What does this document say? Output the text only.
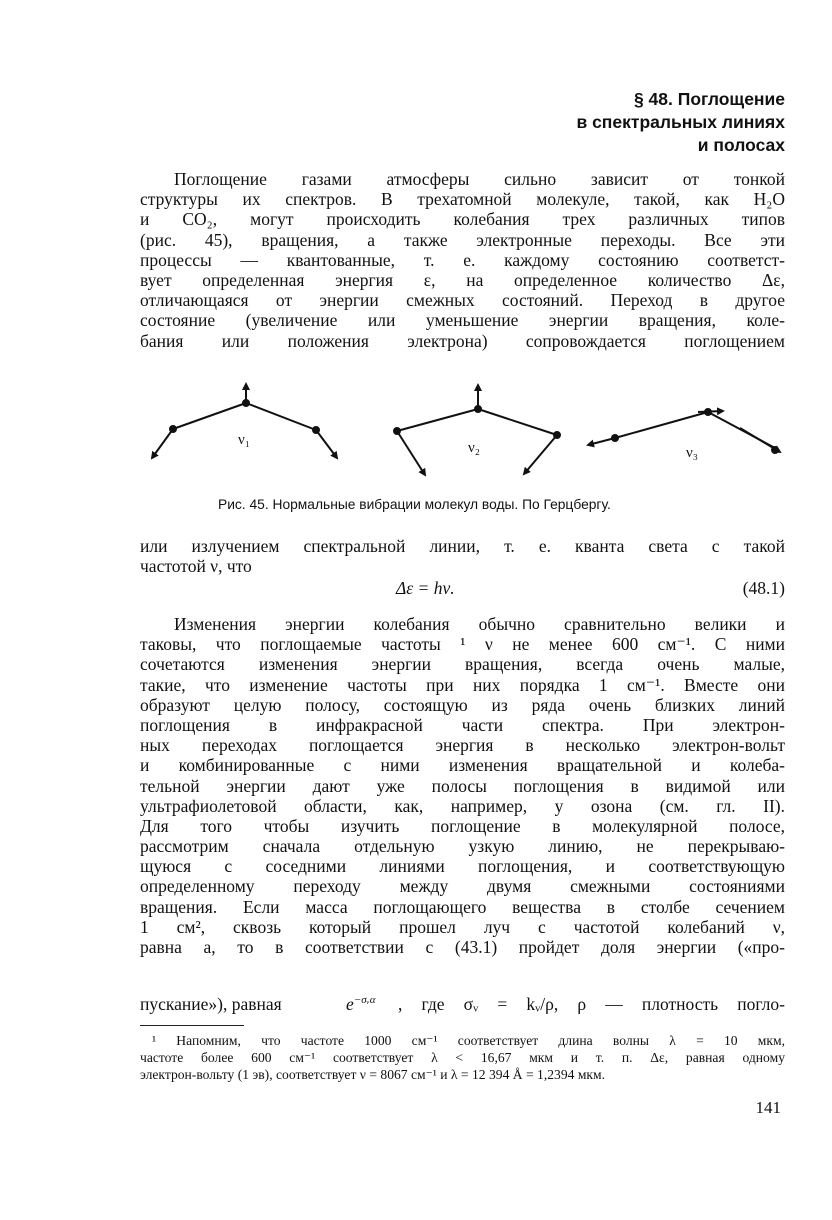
§ 48. Поглощение
в спектральных линиях
и полосах
Поглощение газами атмосферы сильно зависит от тонкой
структуры их спектров. В трехатомной молекуле, такой, как H₂O
и CO₂, могут происходить колебания трех различных типов
(рис. 45), вращения, а также электронные переходы. Все эти
процессы — квантованные, т. е. каждому состоянию соответст-
вует определенная энергия ε, на определенное количество Δε,
отличающаяся от энергии смежных состояний. Переход в другое
состояние (увеличение или уменьшение энергии вращения, коле-
бания или положения электрона) сопровождается поглощением
ν₁	ν₂	ν₃
Рис. 45. Нормальные вибрации молекул воды. По Герцбергу.
или излучением спектральной линии, т. е. кванта света с такой
частотой ν, что
Δε = hν.	(48.1)
Изменения энергии колебания обычно сравнительно велики и
таковы, что поглощаемые частоты ¹ ν не менее 600 см⁻¹. С ними
сочетаются изменения энергии вращения, всегда очень малые,
такие, что изменение частоты при них порядка 1 см⁻¹. Вместе они
образуют целую полосу, состоящую из ряда очень близких линий
поглощения в инфракрасной части спектра. При электрон-
ных переходах поглощается энергия в несколько электрон-вольт
и комбинированные с ними изменения вращательной и колеба-
тельной энергии дают уже полосы поглощения в видимой или
ультрафиолетовой области, как, например, у озона (см. гл. II).
Для того чтобы изучить поглощение в молекулярной полосе,
рассмотрим сначала отдельную узкую линию, не перекрываю-
щуюся с соседними линиями поглощения, и соответствующую
определенному переходу между двумя смежными состояниями
вращения. Если масса поглощающего вещества в столбе сечением
1 см², сквозь который прошел луч с частотой колебаний ν,
равна a, то в соответствии с (43.1) пройдет доля энергии («про-
пускание»), равная	$e^{-\sigma ᵥ\alpha}$ , где σᵥ = kᵥ/ρ, ρ — плотность погло-
¹ Напомним, что частоте 1000 см⁻¹ соответствует длина волны λ = 10 мкм,
частоте более 600 см⁻¹ соответствует λ < 16,67 мкм и т. п. Δε, равная одному
электрон-вольту (1 эв), соответствует ν = 8067 см⁻¹ и λ = 12 394 Å = 1,2394 мкм.
141
